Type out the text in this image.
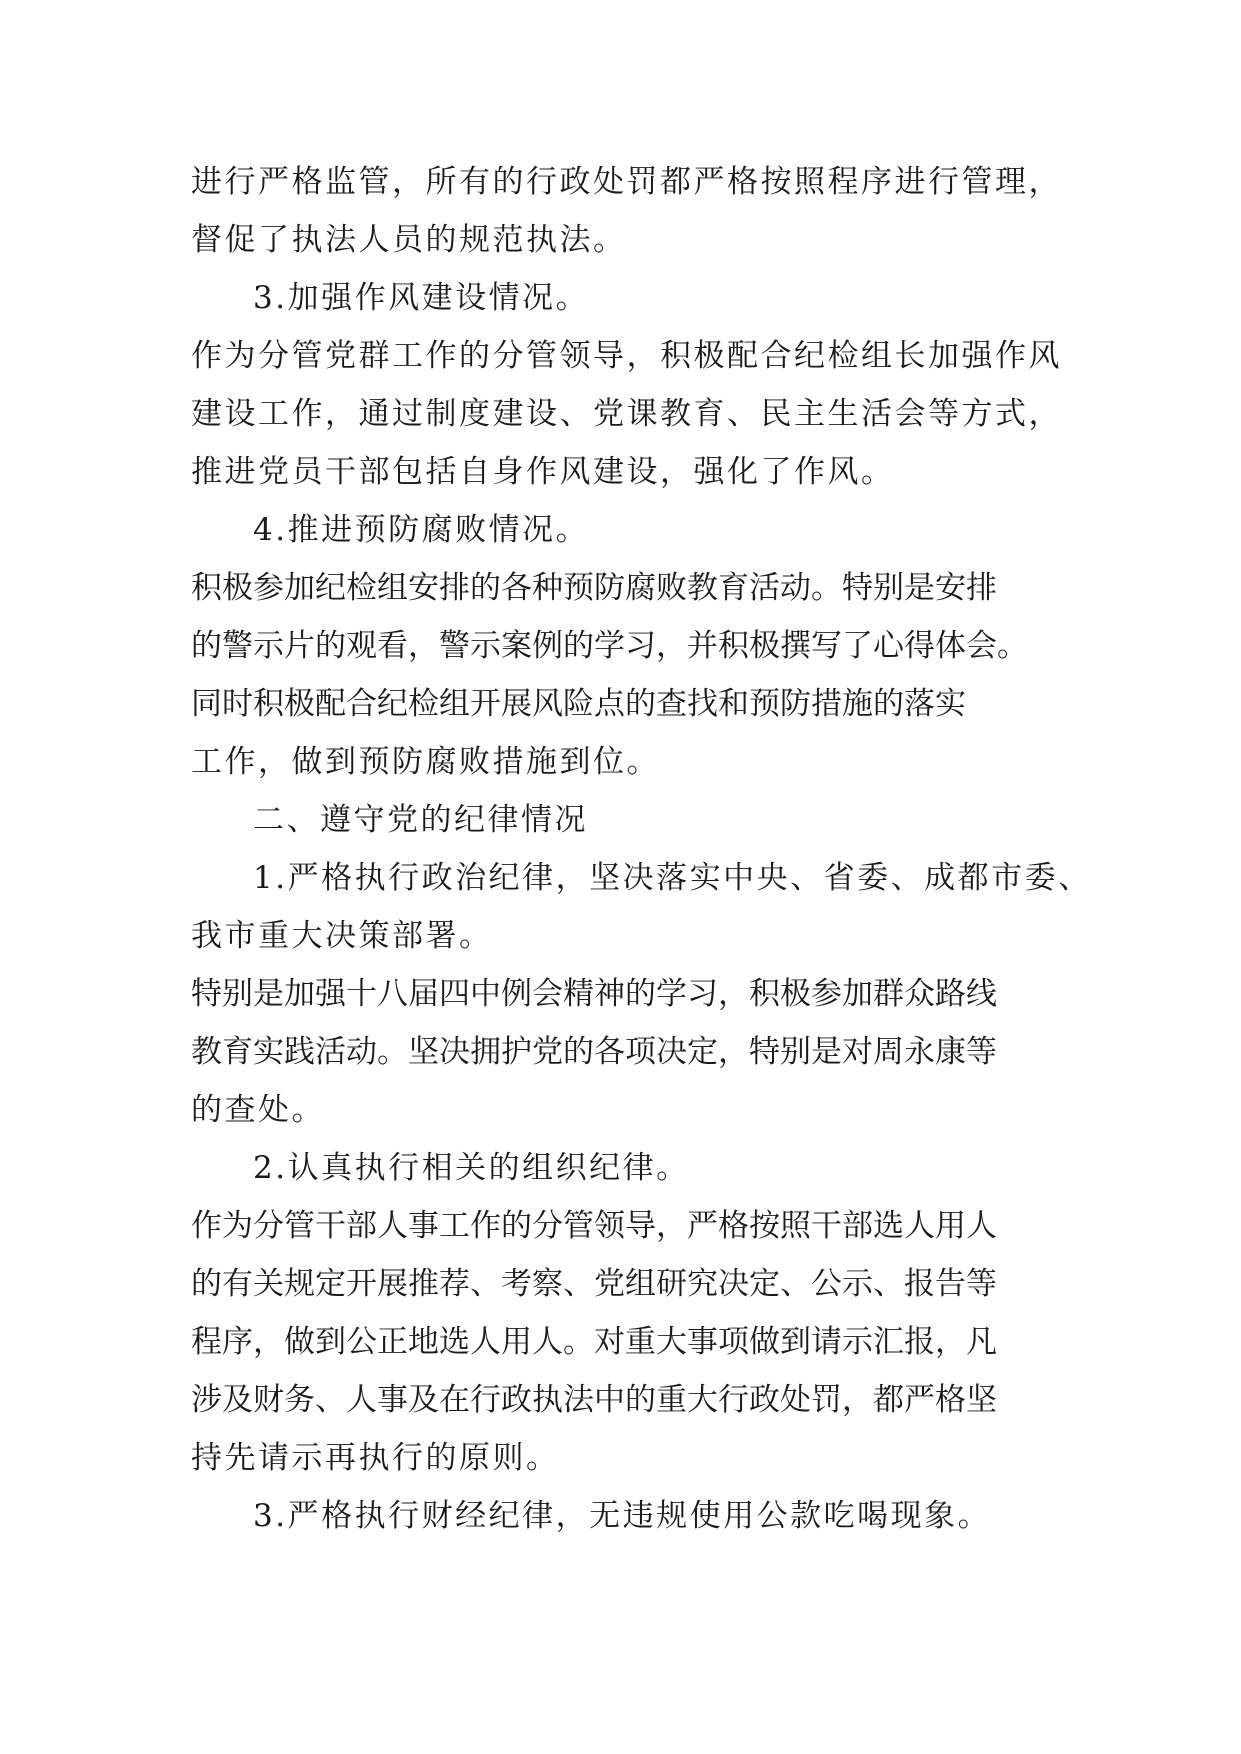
进行严格监管，所有的行政处罚都严格按照程序进行管理，
督促了执法人员的规范执法。
3.加强作风建设情况。
作为分管党群工作的分管领导，积极配合纪检组长加强作风
建设工作，通过制度建设、党课教育、民主生活会等方式，
推进党员干部包括自身作风建设，强化了作风。
4.推进预防腐败情况。
积极参加纪检组安排的各种预防腐败教育活动。特别是安排
的警示片的观看，警示案例的学习，并积极撰写了心得体会。
同时积极配合纪检组开展风险点的查找和预防措施的落实
工作，做到预防腐败措施到位。
二、遵守党的纪律情况
1.严格执行政治纪律，坚决落实中央、省委、成都市委、
我市重大决策部署。
特别是加强十八届四中例会精神的学习，积极参加群众路线
教育实践活动。坚决拥护党的各项决定，特别是对周永康等
的查处。
2.认真执行相关的组织纪律。
作为分管干部人事工作的分管领导，严格按照干部选人用人
的有关规定开展推荐、考察、党组研究决定、公示、报告等
程序，做到公正地选人用人。对重大事项做到请示汇报，凡
涉及财务、人事及在行政执法中的重大行政处罚，都严格坚
持先请示再执行的原则。
3.严格执行财经纪律，无违规使用公款吃喝现象。
